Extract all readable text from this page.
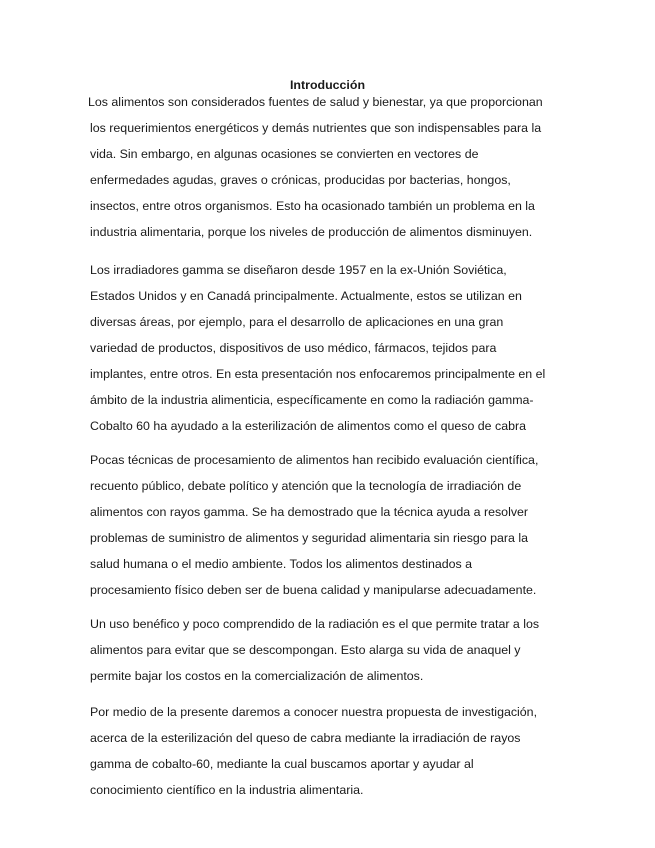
Introducción

Los alimentos son considerados fuentes de salud y bienestar, ya que proporcionan

los requerimientos energéticos y demás nutrientes que son indispensables para la

vida. Sin embargo, en algunas ocasiones se convierten en vectores de

enfermedades agudas, graves o crónicas, producidas por bacterias, hongos,

insectos, entre otros organismos. Esto ha ocasionado también un problema en la

industria alimentaria, porque los niveles de producción de alimentos disminuyen.

Los irradiadores gamma se diseñaron desde 1957 en la ex-Unión Soviética,

Estados Unidos y en Canadá principalmente. Actualmente, estos se utilizan en

diversas áreas, por ejemplo, para el desarrollo de aplicaciones en una gran

variedad de productos, dispositivos de uso médico, fármacos, tejidos para

implantes, entre otros. En esta presentación nos enfocaremos principalmente en el

ámbito de la industria alimenticia, específicamente en como la radiación gamma-

Cobalto 60 ha ayudado a la esterilización de alimentos como el queso de cabra

Pocas técnicas de procesamiento de alimentos han recibido evaluación científica,

recuento público, debate político y atención que la tecnología de irradiación de

alimentos con rayos gamma. Se ha demostrado que la técnica ayuda a resolver

problemas de suministro de alimentos y seguridad alimentaria sin riesgo para la

salud humana o el medio ambiente. Todos los alimentos destinados a

procesamiento físico deben ser de buena calidad y manipularse adecuadamente.

Un uso benéfico y poco comprendido de la radiación es el que permite tratar a los

alimentos para evitar que se descompongan. Esto alarga su vida de anaquel y

permite bajar los costos en la comercialización de alimentos.

Por medio de la presente daremos a conocer nuestra propuesta de investigación,

acerca de la esterilización del queso de cabra mediante la irradiación de rayos

gamma de cobalto-60, mediante la cual buscamos aportar y ayudar al

conocimiento científico en la industria alimentaria.
